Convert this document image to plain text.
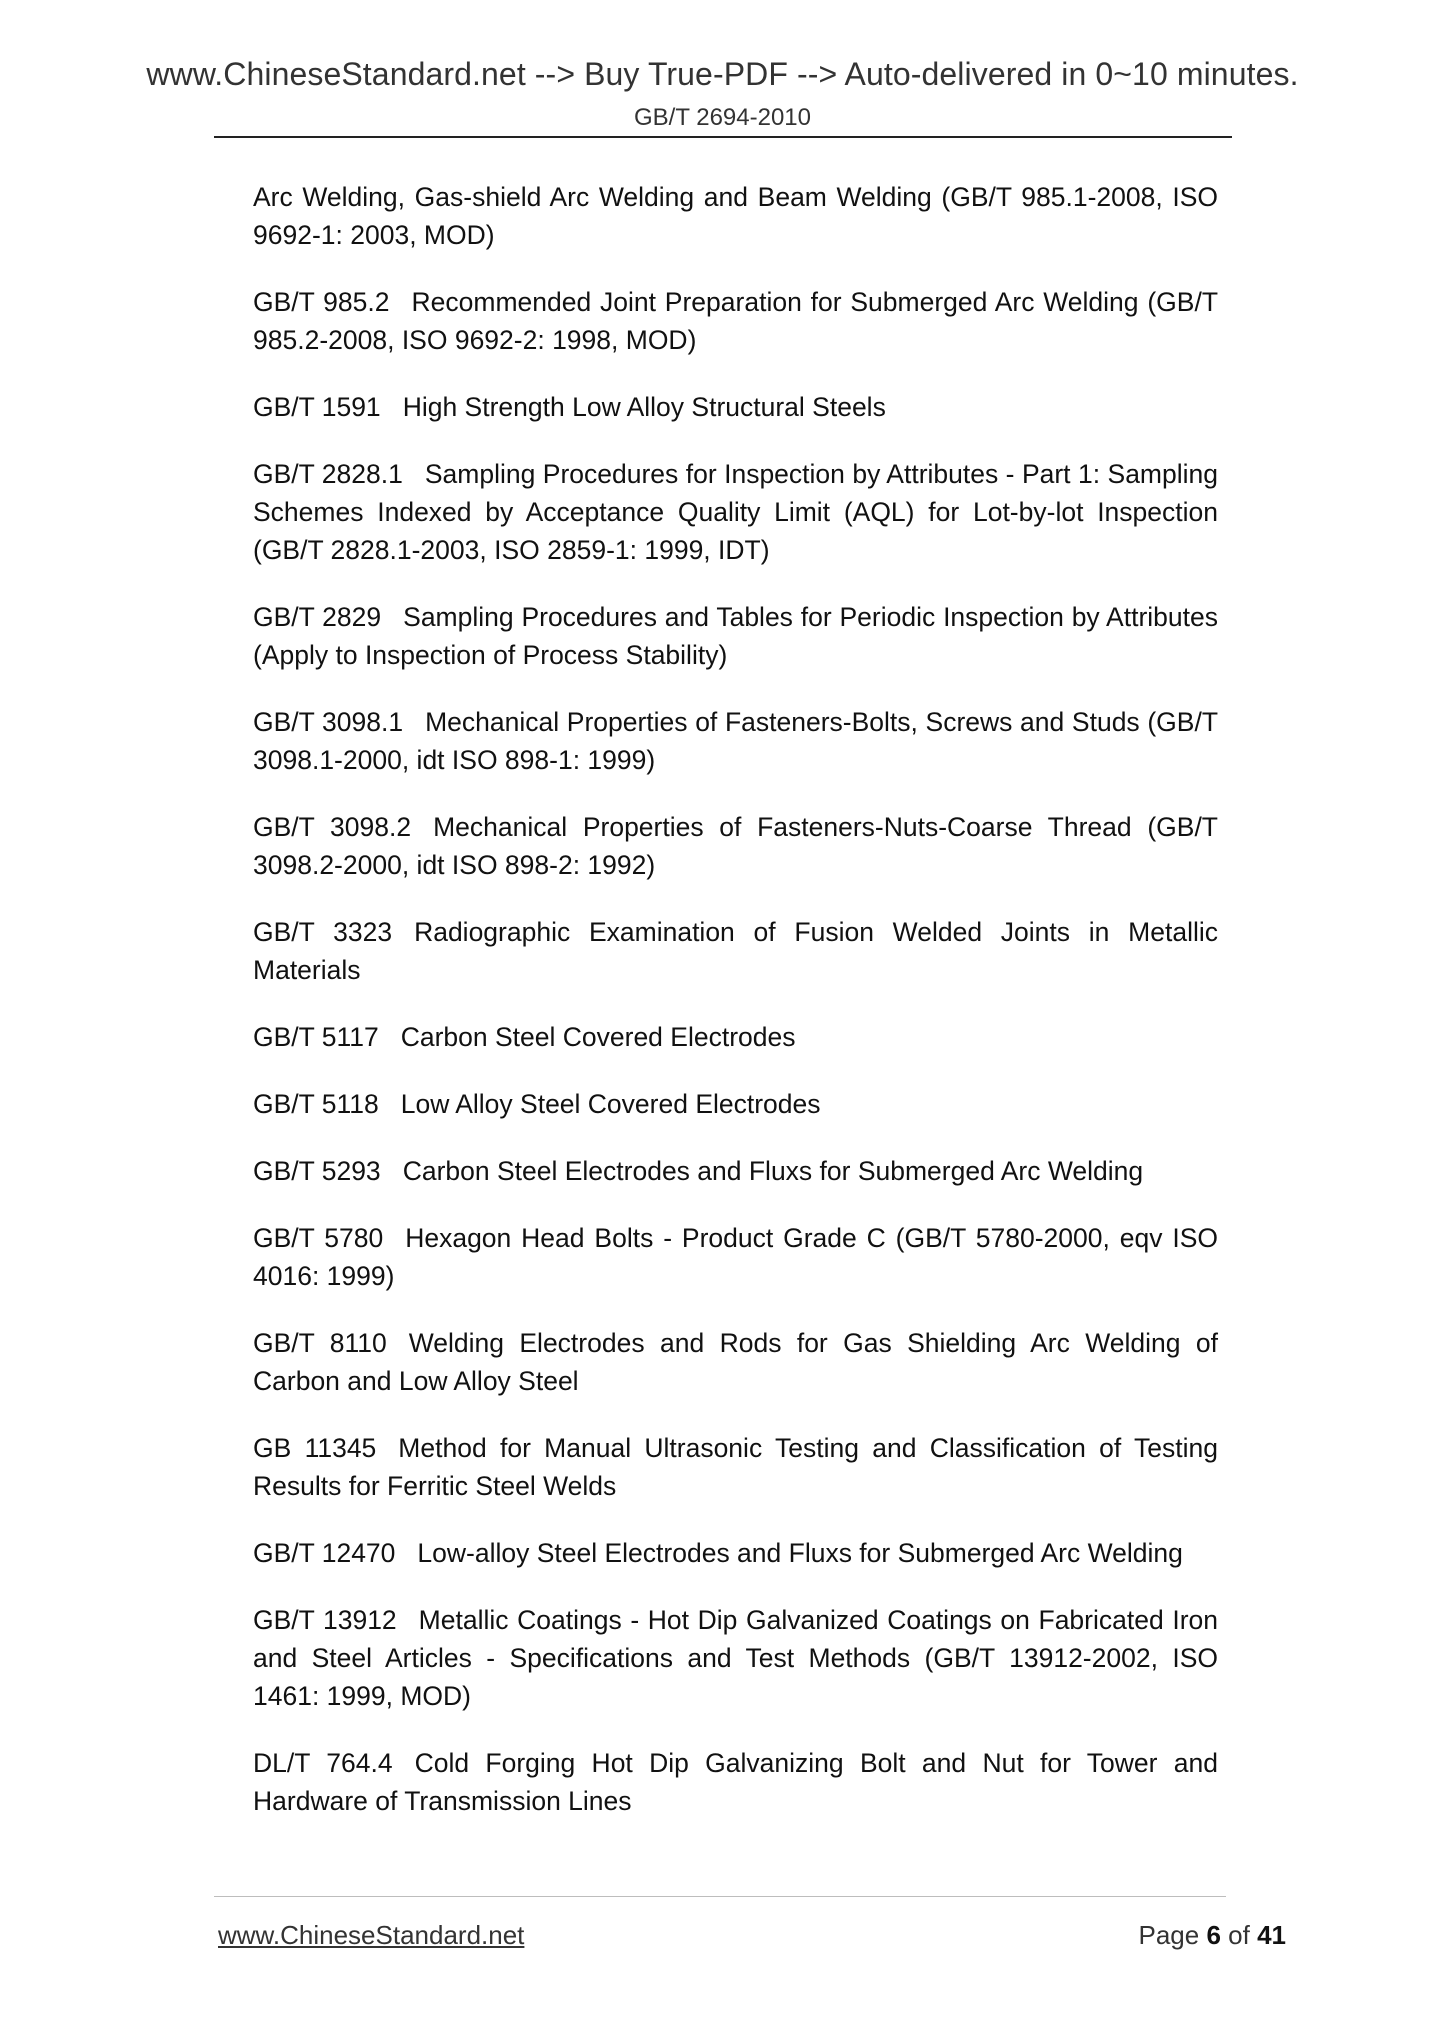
www.ChineseStandard.net --> Buy True-PDF --> Auto-delivered in 0~10 minutes.
GB/T 2694-2010

Arc Welding, Gas-shield Arc Welding and Beam Welding (GB/T 985.1-2008, ISO 9692-1: 2003, MOD)

GB/T 985.2 Recommended Joint Preparation for Submerged Arc Welding (GB/T 985.2-2008, ISO 9692-2: 1998, MOD)

GB/T 1591 High Strength Low Alloy Structural Steels

GB/T 2828.1 Sampling Procedures for Inspection by Attributes - Part 1: Sampling Schemes Indexed by Acceptance Quality Limit (AQL) for Lot-by-lot Inspection (GB/T 2828.1-2003, ISO 2859-1: 1999, IDT)

GB/T 2829 Sampling Procedures and Tables for Periodic Inspection by Attributes (Apply to Inspection of Process Stability)

GB/T 3098.1 Mechanical Properties of Fasteners-Bolts, Screws and Studs (GB/T 3098.1-2000, idt ISO 898-1: 1999)

GB/T 3098.2 Mechanical Properties of Fasteners-Nuts-Coarse Thread (GB/T 3098.2-2000, idt ISO 898-2: 1992)

GB/T 3323 Radiographic Examination of Fusion Welded Joints in Metallic Materials

GB/T 5117 Carbon Steel Covered Electrodes

GB/T 5118 Low Alloy Steel Covered Electrodes

GB/T 5293 Carbon Steel Electrodes and Fluxs for Submerged Arc Welding

GB/T 5780 Hexagon Head Bolts - Product Grade C (GB/T 5780-2000, eqv ISO 4016: 1999)

GB/T 8110 Welding Electrodes and Rods for Gas Shielding Arc Welding of Carbon and Low Alloy Steel

GB 11345 Method for Manual Ultrasonic Testing and Classification of Testing Results for Ferritic Steel Welds

GB/T 12470 Low-alloy Steel Electrodes and Fluxs for Submerged Arc Welding

GB/T 13912 Metallic Coatings - Hot Dip Galvanized Coatings on Fabricated Iron and Steel Articles - Specifications and Test Methods (GB/T 13912-2002, ISO 1461: 1999, MOD)

DL/T 764.4 Cold Forging Hot Dip Galvanizing Bolt and Nut for Tower and Hardware of Transmission Lines

www.ChineseStandard.net	Page 6 of 41
